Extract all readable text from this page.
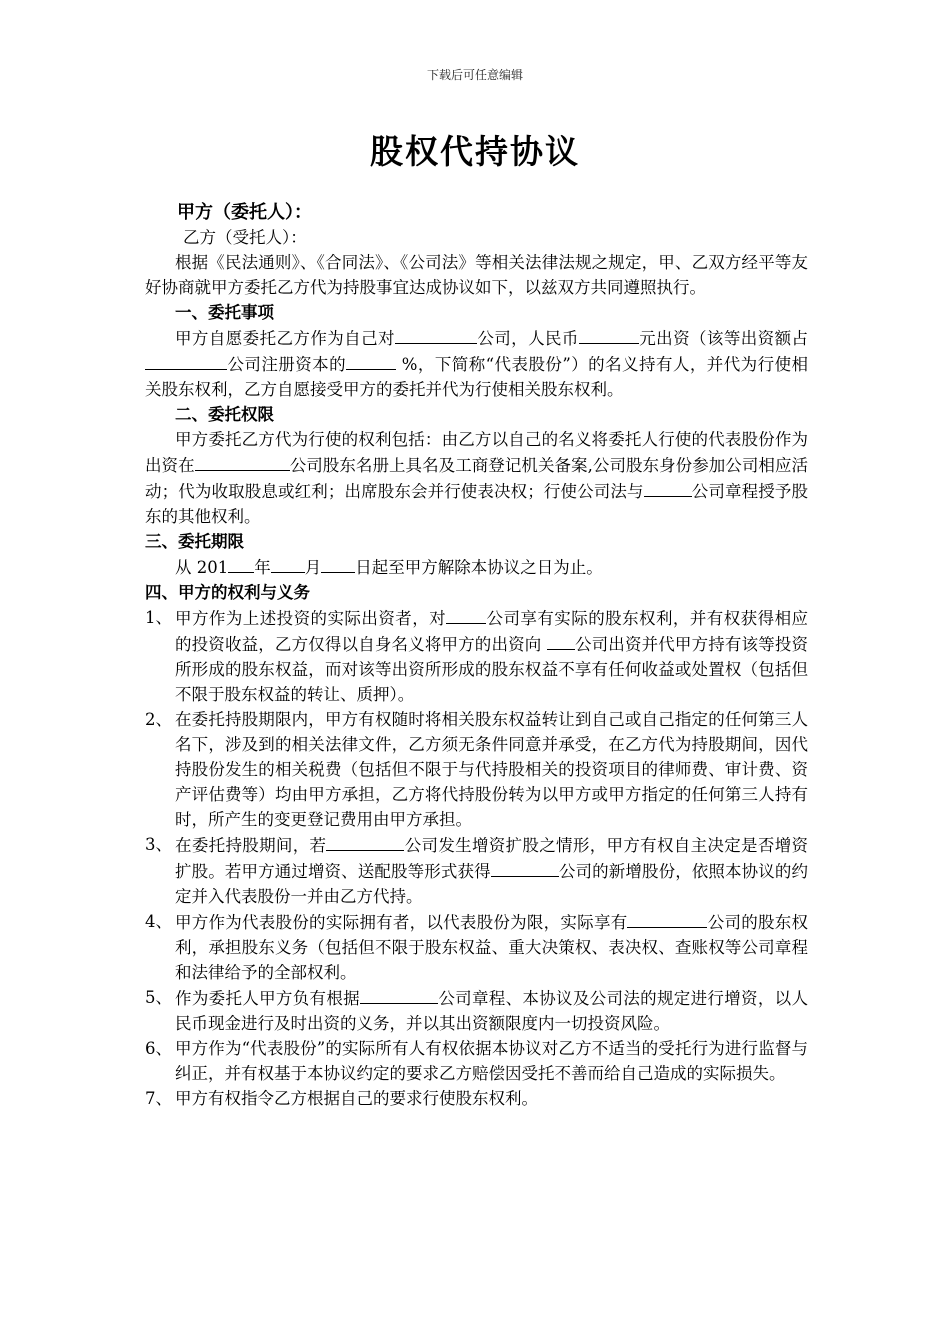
下载后可任意编辑
股权代持协议
甲方（委托人）：
乙方（受托人）：
根据《民法通则》、《合同法》、《公司法》等相关法律法规之规定，甲、乙双方经平等友好协商就甲方委托乙方代为持股事宜达成协议如下，以兹双方共同遵照执行。
一、委托事项
甲方自愿委托乙方作为自己对	公司，人民币	元出资（该等出资额占公司注册资本的	%，下简称“代表股份”）的名义持有人，并代为行使相关股东权利，乙方自愿接受甲方的委托并代为行使相关股东权利。
二、委托权限
甲方委托乙方代为行使的权利包括：由乙方以自己的名义将委托人行使的代表股份作为出资在	公司股东名册上具名及工商登记机关备案,公司股东身份参加公司相应活动；代为收取股息或红利；出席股东会并行使表决权；行使公司法与	公司章程授予股东的其他权利。
三、委托期限
从 201 年 月 日起至甲方解除本协议之日为止。
四、甲方的权利与义务
1、 甲方作为上述投资的实际出资者，对 公司享有实际的股东权利，并有权获得相应的投资收益，乙方仅得以自身名义将甲方的出资向 公司出资并代甲方持有该等投资所形成的股东权益，而对该等出资所形成的股东权益不享有任何收益或处置权（包括但不限于股东权益的转让、质押）。
2、 在委托持股期限内，甲方有权随时将相关股东权益转让到自己或自己指定的任何第三人名下，涉及到的相关法律文件，乙方须无条件同意并承受，在乙方代为持股期间，因代持股份发生的相关税费（包括但不限于与代持股相关的投资项目的律师费、审计费、资产评估费等）均由甲方承担，乙方将代持股份转为以甲方或甲方指定的任何第三人持有时，所产生的变更登记费用由甲方承担。
3、 在委托持股期间，若	公司发生增资扩股之情形，甲方有权自主决定是否增资扩股。若甲方通过增资、送配股等形式获得	公司的新增股份，依照本协议的约定并入代表股份一并由乙方代持。
4、 甲方作为代表股份的实际拥有者，以代表股份为限，实际享有	公司的股东权利，承担股东义务（包括但不限于股东权益、重大决策权、表决权、查账权等公司章程和法律给予的全部权利。
5、 作为委托人甲方负有根据	公司章程、本协议及公司法的规定进行增资，以人民币现金进行及时出资的义务，并以其出资额限度内一切投资风险。
6、 甲方作为“代表股份”的实际所有人有权依据本协议对乙方不适当的受托行为进行监督与纠正，并有权基于本协议约定的要求乙方赔偿因受托不善而给自己造成的实际损失。
7、 甲方有权指令乙方根据自己的要求行使股东权利。
